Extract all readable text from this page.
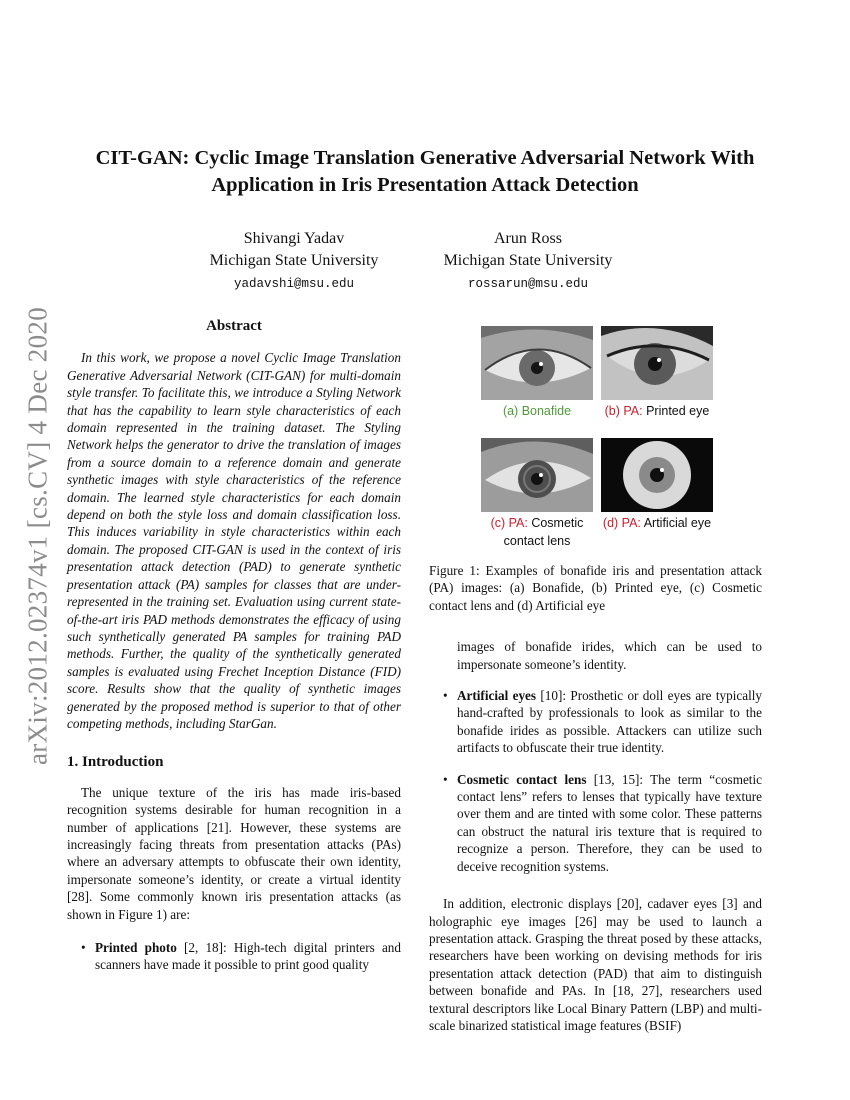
arXiv:2012.02374v1 [cs.CV] 4 Dec 2020
CIT-GAN: Cyclic Image Translation Generative Adversarial Network With
Application in Iris Presentation Attack Detection
Shivangi Yadav
Michigan State University
yadavshi@msu.edu
Arun Ross
Michigan State University
rossarun@msu.edu
Abstract

In this work, we propose a novel Cyclic Image Translation Generative Adversarial Network (CIT-GAN) for multi-domain style transfer. To facilitate this, we introduce a Styling Network that has the capability to learn style characteristics of each domain represented in the training dataset. The Styling Network helps the generator to drive the translation of images from a source domain to a reference domain and generate synthetic images with style characteristics of the reference domain. The learned style characteristics for each domain depend on both the style loss and domain classification loss. This induces variability in style characteristics within each domain. The proposed CIT-GAN is used in the context of iris presentation attack detection (PAD) to generate synthetic presentation attack (PA) samples for classes that are under-represented in the training set. Evaluation using current state-of-the-art iris PAD methods demonstrates the efficacy of using such synthetically generated PA samples for training PAD methods. Further, the quality of the synthetically generated samples is evaluated using Frechet Inception Distance (FID) score. Results show that the quality of synthetic images generated by the proposed method is superior to that of other competing methods, including StarGan.

1. Introduction

The unique texture of the iris has made iris-based recognition systems desirable for human recognition in a number of applications [21]. However, these systems are increasingly facing threats from presentation attacks (PAs) where an adversary attempts to obfuscate their own identity, impersonate someone’s identity, or create a virtual identity [28]. Some commonly known iris presentation attacks (as shown in Figure 1) are:

• Printed photo [2, 18]: High-tech digital printers and scanners have made it possible to print good quality
(a) Bonafide	(b) PA: Printed eye
(c) PA: Cosmetic contact lens
(d) PA: Artificial eye

Figure 1: Examples of bonafide iris and presentation attack (PA) images: (a) Bonafide, (b) Printed eye, (c) Cosmetic contact lens and (d) Artificial eye

images of bonafide irides, which can be used to impersonate someone’s identity.

• Artificial eyes [10]: Prosthetic or doll eyes are typically hand-crafted by professionals to look as similar to the bonafide irides as possible. Attackers can utilize such artifacts to obfuscate their true identity.
• Cosmetic contact lens [13, 15]: The term “cosmetic contact lens” refers to lenses that typically have texture over them and are tinted with some color. These patterns can obstruct the natural iris texture that is required to recognize a person. Therefore, they can be used to deceive recognition systems.

In addition, electronic displays [20], cadaver eyes [3] and holographic eye images [26] may be used to launch a presentation attack. Grasping the threat posed by these attacks, researchers have been working on devising methods for iris presentation attack detection (PAD) that aim to distinguish between bonafide and PAs. In [18, 27], researchers used textural descriptors like Local Binary Pattern (LBP) and multi-scale binarized statistical image features (BSIF)
